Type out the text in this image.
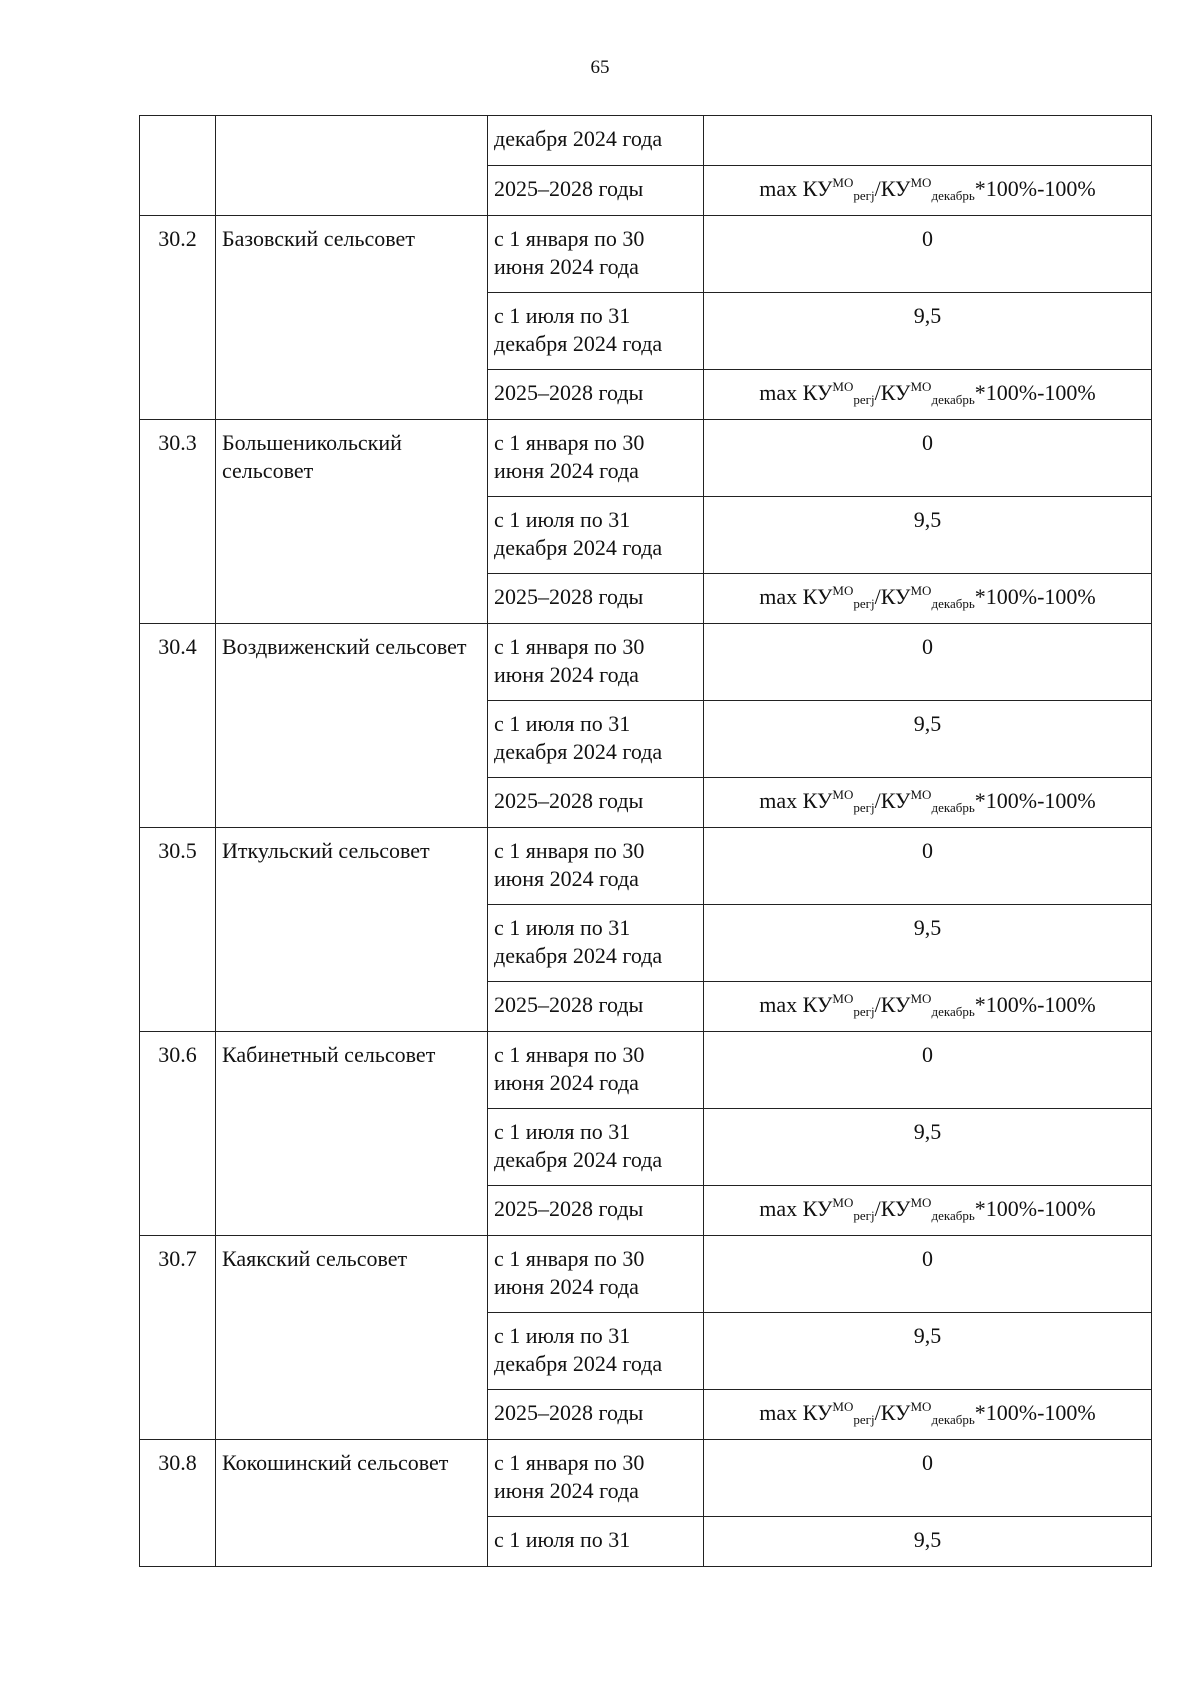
65
		декабря 2024 года	
		2025–2028 годы	$\max КУ^{МО}_{регj}/КУ^{МО}_{декабрь}*100\%-100\%$
30.2	Базовский сельсовет	с 1 января по 30 июня 2024 года	0
		с 1 июля по 31 декабря 2024 года	9,5
		2025–2028 годы	$\max КУ^{МО}_{регj}/КУ^{МО}_{декабрь}*100\%-100\%$
30.3	Большеникольский сельсовет	с 1 января по 30 июня 2024 года	0
		с 1 июля по 31 декабря 2024 года	9,5
		2025–2028 годы	$\max КУ^{МО}_{регj}/КУ^{МО}_{декабрь}*100\%-100\%$
30.4	Воздвиженский сельсовет	с 1 января по 30 июня 2024 года	0
		с 1 июля по 31 декабря 2024 года	9,5
		2025–2028 годы	$\max КУ^{МО}_{регj}/КУ^{МО}_{декабрь}*100\%-100\%$
30.5	Иткульский сельсовет	с 1 января по 30 июня 2024 года	0
		с 1 июля по 31 декабря 2024 года	9,5
		2025–2028 годы	$\max КУ^{МО}_{регj}/КУ^{МО}_{декабрь}*100\%-100\%$
30.6	Кабинетный сельсовет	с 1 января по 30 июня 2024 года	0
		с 1 июля по 31 декабря 2024 года	9,5
		2025–2028 годы	$\max КУ^{МО}_{регj}/КУ^{МО}_{декабрь}*100\%-100\%$
30.7	Каякский сельсовет	с 1 января по 30 июня 2024 года	0
		с 1 июля по 31 декабря 2024 года	9,5
		2025–2028 годы	$\max КУ^{МО}_{регj}/КУ^{МО}_{декабрь}*100\%-100\%$
30.8	Кокошинский сельсовет	с 1 января по 30 июня 2024 года	0
		с 1 июля по 31	9,5
